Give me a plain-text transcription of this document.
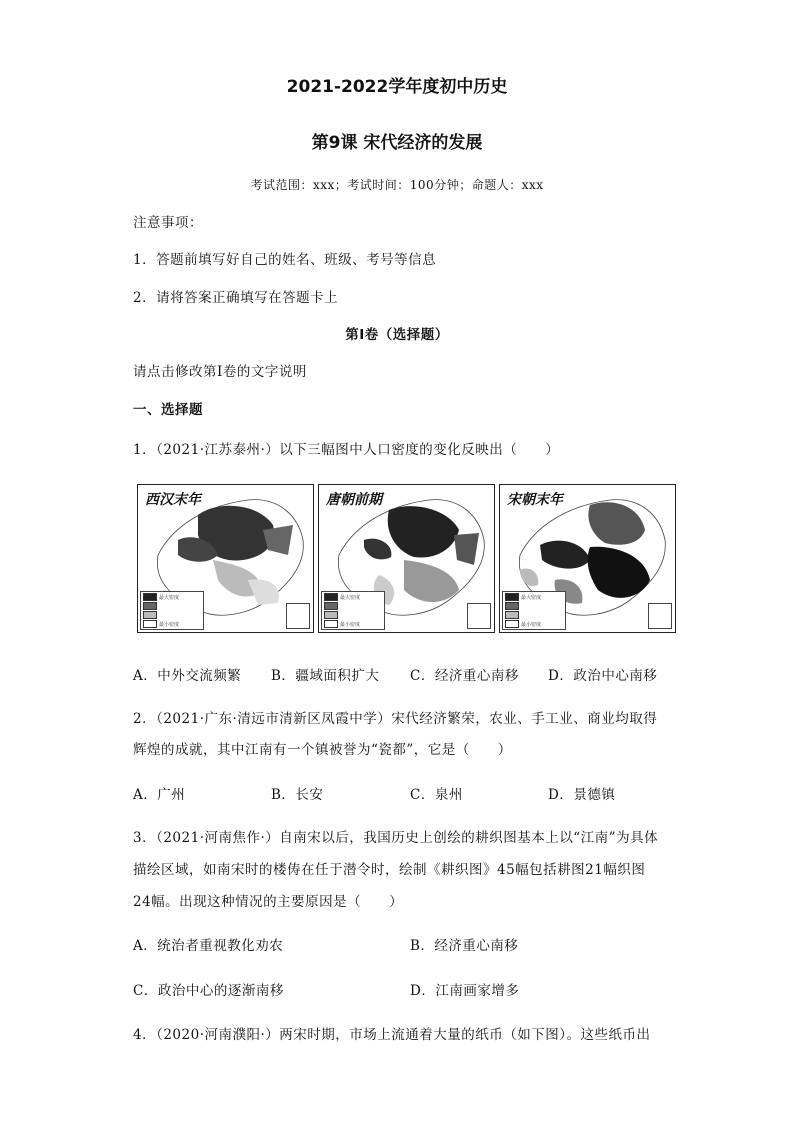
2021-2022学年度初中历史
第9课 宋代经济的发展
考试范围：xxx；考试时间：100分钟；命题人：xxx
注意事项：
1．答题前填写好自己的姓名、班级、考号等信息
2．请将答案正确填写在答题卡上
第I卷（选择题）
请点击修改第I卷的文字说明
一、选择题
1．（2021·江苏泰州·）以下三幅图中人口密度的变化反映出（　　）
西汉末年
最大密度
最小密度
唐朝前期
最大密度
最小密度
宋朝末年
最大密度
最小密度
A．中外交流频繁 B．疆域面积扩大 C．经济重心南移 D．政治中心南移
2．（2021·广东·清远市清新区凤霞中学）宋代经济繁荣，农业、手工业、商业均取得
辉煌的成就，其中江南有一个镇被誉为“瓷都”，它是（　　）
A．广州	B．长安	C．泉州	D．景德镇
3．（2021·河南焦作·）自南宋以后，我国历史上创绘的耕织图基本上以“江南”为具体
描绘区域，如南宋时的楼俦在任于潜令时，绘制《耕织图》45幅包括耕图21幅织图
24幅。出现这种情况的主要原因是（　　）
A．统治者重视教化劝农	B．经济重心南移
C．政治中心的逐渐南移	D．江南画家增多
4．（2020·河南濮阳·）两宋时期，市场上流通着大量的纸币（如下图）。这些纸币出
